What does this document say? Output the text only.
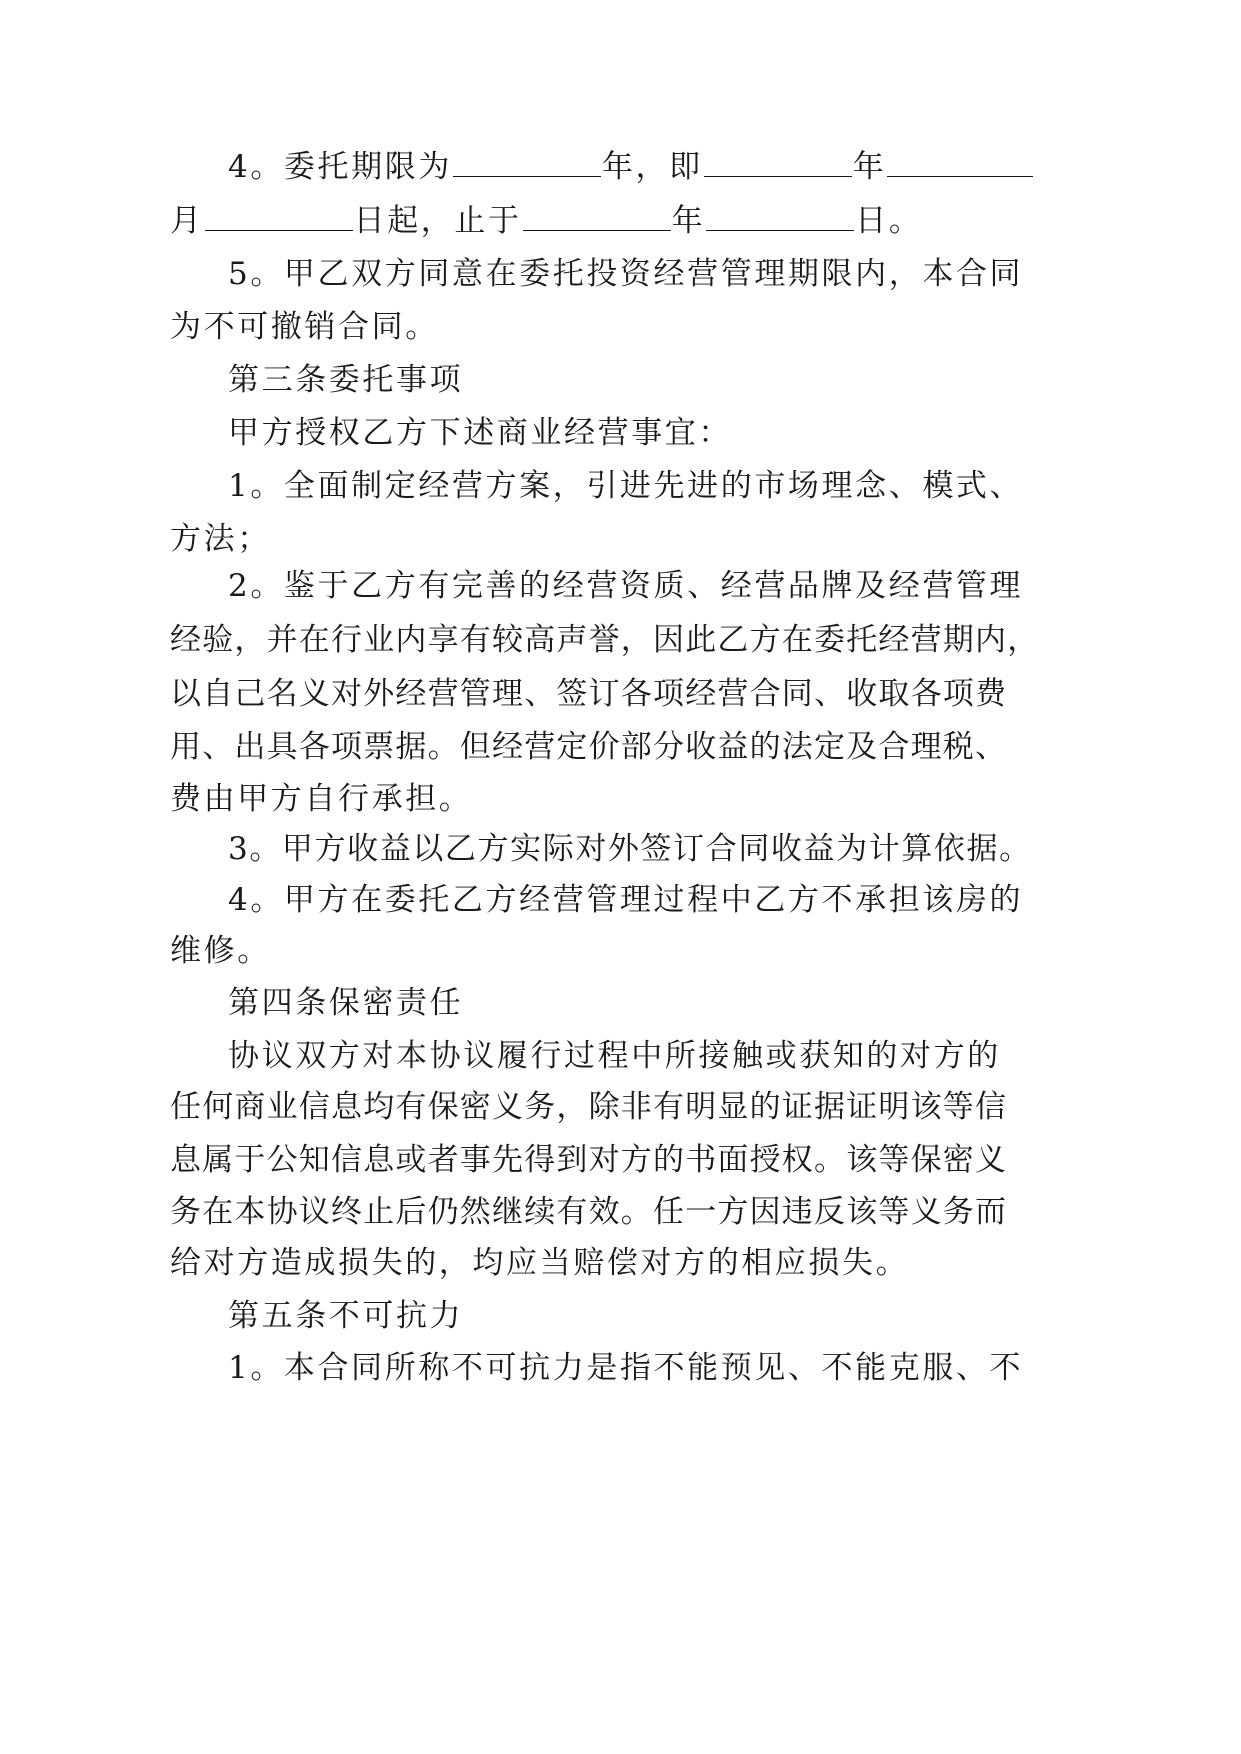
4。委托期限为	年，即	年
月	日起，止于	年	日。
5。甲乙双方同意在委托投资经营管理期限内，本合同
为不可撤销合同。
第三条委托事项
甲方授权乙方下述商业经营事宜：
1。全面制定经营方案，引进先进的市场理念、模式、
方法；
2。鉴于乙方有完善的经营资质、经营品牌及经营管理
经验，并在行业内享有较高声誉，因此乙方在委托经营期内，
以自己名义对外经营管理、签订各项经营合同、收取各项费
用、出具各项票据。但经营定价部分收益的法定及合理税、
费由甲方自行承担。
3。甲方收益以乙方实际对外签订合同收益为计算依据。
4。甲方在委托乙方经营管理过程中乙方不承担该房的
维修。
第四条保密责任
协议双方对本协议履行过程中所接触或获知的对方的
任何商业信息均有保密义务，除非有明显的证据证明该等信
息属于公知信息或者事先得到对方的书面授权。该等保密义
务在本协议终止后仍然继续有效。任一方因违反该等义务而
给对方造成损失的，均应当赔偿对方的相应损失。
第五条不可抗力
1。本合同所称不可抗力是指不能预见、不能克服、不
